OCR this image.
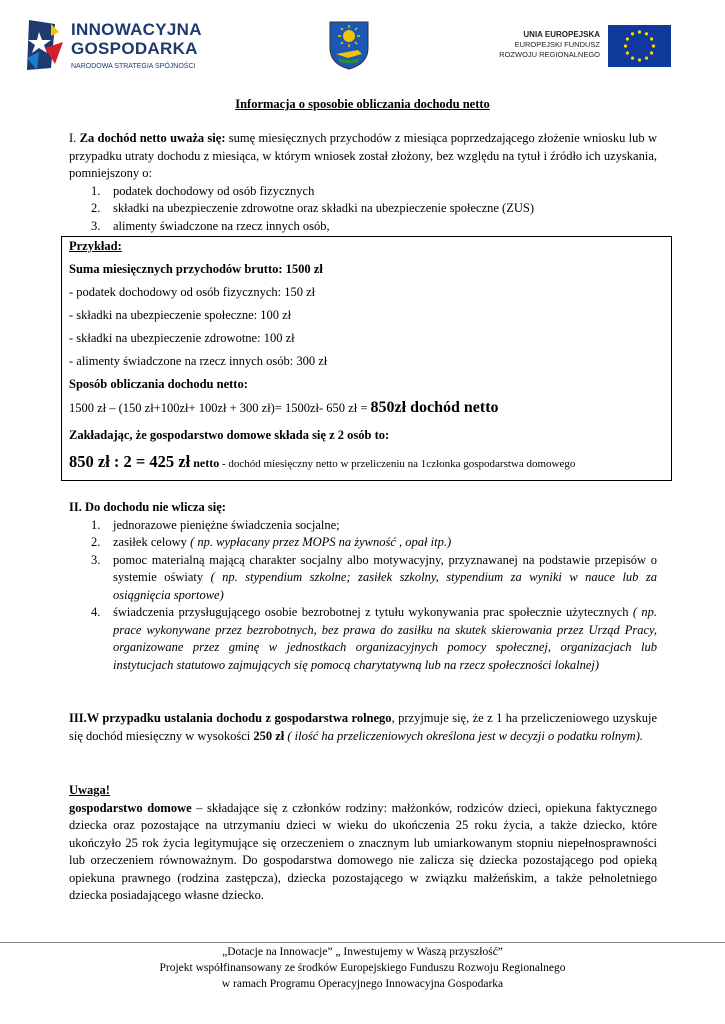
INNOWACYJNA
GOSPODARKA
NARODOWA STRATEGIA SPÓJNOŚCI
UNIA EUROPEJSKA
EUROPEJSKI FUNDUSZ
ROZWOJU REGIONALNEGO
Informacja o sposobie obliczania dochodu netto
I. Za dochód netto uważa się: sumę miesięcznych przychodów z miesiąca poprzedzającego złożenie wniosku lub w przypadku utraty dochodu z miesiąca, w którym wniosek został złożony, bez względu na tytuł i źródło ich uzyskania, pomniejszony o:
1. podatek dochodowy od osób fizycznych
2. składki na ubezpieczenie zdrowotne oraz składki na ubezpieczenie społeczne (ZUS)
3. alimenty świadczone na rzecz innych osób,
Przykład:
Suma miesięcznych przychodów brutto: 1500 zł
- podatek dochodowy od osób fizycznych: 150 zł
- składki na ubezpieczenie społeczne: 100 zł
- składki na ubezpieczenie zdrowotne: 100 zł
- alimenty świadczone na rzecz innych osób: 300 zł
Sposób obliczania dochodu netto:
1500 zł – (150 zł+100zł+ 100zł + 300 zł)= 1500zł- 650 zł = 850zł dochód netto
Zakładając, że gospodarstwo domowe składa się z 2 osób to:
850 zł : 2 = 425 zł netto - dochód miesięczny netto w przeliczeniu na 1członka gospodarstwa domowego
II. Do dochodu nie wlicza się:
1. jednorazowe pieniężne świadczenia socjalne;
2. zasiłek celowy ( np. wypłacany przez MOPS na żywność , opał itp.)
3. pomoc materialną mającą charakter socjalny albo motywacyjny, przyznawanej na podstawie przepisów o systemie oświaty ( np. stypendium szkolne; zasiłek szkolny, stypendium za wyniki w nauce lub za osiągnięcia sportowe)
4. świadczenia przysługującego osobie bezrobotnej z tytułu wykonywania prac społecznie użytecznych ( np. prace wykonywane przez bezrobotnych, bez prawa do zasiłku na skutek skierowania przez Urząd Pracy, organizowane przez gminę w jednostkach organizacyjnych pomocy społecznej, organizacjach lub instytucjach statutowo zajmujących się pomocą charytatywną lub na rzecz społeczności lokalnej)
III.W przypadku ustalania dochodu z gospodarstwa rolnego, przyjmuje się, że z 1 ha przeliczeniowego uzyskuje się dochód miesięczny w wysokości 250 zł ( ilość ha przeliczeniowych określona jest w decyzji o podatku rolnym).
Uwaga!
gospodarstwo domowe – składające się z członków rodziny: małżonków, rodziców dzieci, opiekuna faktycznego dziecka oraz pozostające na utrzymaniu dzieci w wieku do ukończenia 25 roku życia, a także dziecko, które ukończyło 25 rok życia legitymujące się orzeczeniem o znacznym lub umiarkowanym stopniu niepełnosprawności lub orzeczeniem równoważnym. Do gospodarstwa domowego nie zalicza się dziecka pozostającego pod opieką opiekuna prawnego (rodzina zastępcza), dziecka pozostającego w związku małżeńskim, a także pełnoletniego dziecka posiadającego własne dziecko.
„Dotacje na Innowacje” „ Inwestujemy w Waszą przyszłość”
Projekt współfinansowany ze środków Europejskiego Funduszu Rozwoju Regionalnego
w ramach Programu Operacyjnego Innowacyjna Gospodarka
